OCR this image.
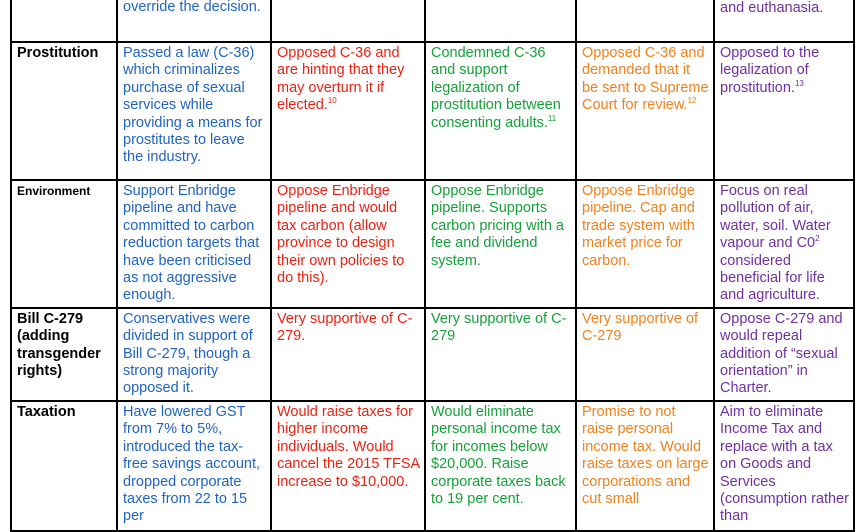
	override the decision.				and euthanasia.

Prostitution	Passed a law (C-36) which criminalizes purchase of sexual services while providing a means for prostitutes to leave the industry.	Opposed C-36 and are hinting that they may overturn it if elected.$^{10}$	Condemned C-36 and support legalization of prostitution between consenting adults.$^{11}$	Opposed C-36 and demanded that it be sent to Supreme Court for review.$^{12}$	Opposed to the legalization of prostitution.$^{13}$
Environment	Support Enbridge pipeline and have committed to carbon reduction targets that have been criticised as not aggressive enough.	Oppose Enbridge pipeline and would tax carbon (allow province to design their own policies to do this).	Oppose Enbridge pipeline. Supports carbon pricing with a fee and dividend system.	Oppose Enbridge pipeline. Cap and trade system with market price for carbon.	Focus on real pollution of air, water, soil. Water vapour and $C0^2$ considered beneficial for life and agriculture.
Bill C-279 (adding transgender rights)	Conservatives were divided in support of Bill C-279, though a strong majority opposed it.	Very supportive of C-279.	Very supportive of C-279	Very supportive of C-279	Oppose C-279 and would repeal addition of “sexual orientation” in Charter.
Taxation	Have lowered GST from 7% to 5%, introduced the tax-free savings account, dropped corporate taxes from 22 to 15 per	Would raise taxes for higher income individuals. Would cancel the 2015 TFSA increase to $10,000.	Would eliminate personal income tax for incomes below $20,000. Raise corporate taxes back to 19 per cent.	Promise to not raise personal income tax. Would raise taxes on large corporations and cut small	Aim to eliminate Income Tax and replace with a tax on Goods and Services (consumption rather than
